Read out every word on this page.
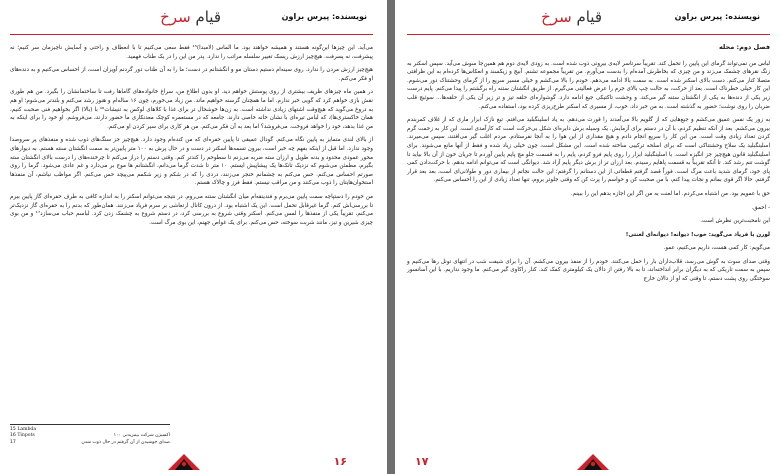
قیام سرخ	نویسنده: پیرس براون

می‌آید. این چیزها این‌گونه هستند و همیشه خواهند بود. ما الماس (لامبدا)¹⁵ فقط سعی می‌کنیم تا با انعطاف و راحتی و آسایش ناچیزمان سر کنیم؛ نه پیشرفت، نه پسرفت. هیچ‌چیز ارزش ریسک تغییر سلسله مراتب را ندارد. پدر من این را در یک طناب فهمید.

هیچ‌چیز ارزش مردن را ندارد. روی سینه‌ام دستیم دستان مو و انگشتانم در دست؛ ما را به آن طناب دور گردنم آویزان است، از احساس می‌کنیم و به دنده‌های او فکر می‌کنم.

در همین ماه چیزهای ظریف بیشتری از روی پوستش خواهم دید. او بدون اطلاع من، سراغ خانواده‌های گاما‌ها رفت تا ساختمانشان را بگیرد. من هم طوری نقش بازی خواهم کرد که گویی خبر ندارم. اما ما همچنان گرسنه خواهیم ماند. من زیاد می‌خورم، چون ۱۶ ساله‌ام و هنوز رشد می‌کنم و بلندتر می‌شوم؛ او هم به دروغ می‌گوید که هیچ‌وقت اشتهای زیادی نداشته است. به زن‌ها خوشحال تر برای غذا با کلاهای لوکس به تنیشات¹⁶ با (بالا) اگر بخواهیم فنی صحبت کنیم، همان خاکستری‌ها)، که لباس تیره‌ای با نشان خانه خاصی دارند. جامعه که در مستعمره کوچک معدنکاری ما حضور دارند، می‌فروشم. او خود را برای اینکه به من غذا بدهد، خود را خواهد فروخت. می‌فروشد؟ اما بعد به آن فکر می‌کنم. من هر کاری برای سیر کردن او می‌کنم.

از بالای لندی متمایز به پایین نگاه می‌کنم. گودال عمیقی تا پایین حفره‌ای که من کنده‌ام وجود دارد. هیچ‌چیز جز سنگ‌های ذوب شده و منفذهای پر سروصدا وجود ندارد. اما قبل از اینکه بفهم چه خبر است، بیرون تسمه‌ها اسکنر در دست و در حال پرش به ۱۰۰ متر پایین‌تر به سمت انگشتان سنته هستم. به دیوارهای محور عمودی محدود و بدنه طویل و ارزان سته ضربه می‌زنم تا سطوحم را کندتر کنم. وقتی دستم را دراز می‌کنم تا چرخنده‌های را درست بالای انگشتان سته بگیرم، مطمئن می‌شوم که نزدیک تانک‌ها یک پیشاپیش ایستم. ۱۰ متر تا شدت گرما می‌دانم، انگشتانم ها موج بر می‌دارد و غم عادی می‌شود. گرما را روی صورتم احساس می‌کنم. حس می‌کنم به چشمانم خنجر می‌زنند، دردی را که در شکم و زیر شکمم می‌پیچد حس می‌کنم. اگر مواظب نباشم، آن منفذها استخوان‌هایتان را ذوب می‌کنند و من مراقب نیستم. فقط فرز و چالاک هستم.

من خودم را دستپاچه سمت پایین می‌برم و فندینقه‌ام میان انگشتان ستنه می‌روم. در نتیجه می‌توانم اسکنر را به اندازه کافی به طرف حفره‌ای گاز پایین ببرم تا بررسی‌اش کنم. گرما غیرقابل تحمل است. این یک اشتباه بود. از درون کانال ارتعاشی بر سرم فریاد می‌زنند. همان‌طور که بدنم را به حفره‌ای گاز نزدیک‌تر می‌کنم، تقریباً یکی از منفذها را لمس می‌کنم. اسکنر وقتی شروع به بررسی کرد، در دستم شروع به چشمک زدن کرد. لباسم حباب می‌سازد¹⁷ و من بوی چیزی شیرین و تیز، مانند شربت سوخته، حس می‌کنم. برای یک غواص جهنم، این بوی مرگ است.

15 Lambda
16 Tinpots	۱۰۰ اکسیژن شرکت بیمزیدنی
17	صدای جوشیدن از آن گرفتم در حال ذوب شدن
۱۶
قیام سرخ	نویسنده: پیرس براون
فصل دوم: محله

لباس من نمی‌تواند گرمای این پایین را تحمل کند. تقریباً سرتاسر لایه‌ی بیرونی ذوب شده است. به زودی لایه‌ی دوم هم همین‌جا سوش می‌آید. سپس اسکنر به زنگ نقرهای چشمک می‌زند و من چیزی که بخاطرش آمده‌ام را بدست می‌آورم. من تقریباً مجموعه تشنم. آبیچ و زیکسند و انعکاس‌ها کرده‌ام به این ظرافتی متصلا کنار می‌کنم. دست بالای اسکنر شده است. به سمت بالا ادامه می‌دهم. خودم را بالا می‌کشم و خیلی مسیر سریع را از گرمای وحشتناک دور می‌شوم. این کار خیلی خطرناک است. بعد از حرکت، به حالت چپ بالای جرم را عرض فعالیتی می‌گیرم. از طریق انگشتان ستنه راه برگشتم را پیدا می‌کنم. پایم درست زیر یکی از دنده‌ها به یکی از انگشتان ستنه گیر می‌کند. و وحشت تاکتیکی جیغ ادامه دارد. گوشواره‌ای حلقه تیز و تر زیر آن یکی از حلقه‌ها... سوئیچ قلب ضربان را روی نوشت؛ حضور به گذشته است. به من خبر داد. خوب، از مسیری که اسکنر طرح‌ریزی کرده بود، استفاده می‌کنم.

به زور یک نفس عمیق می‌کشم و جیغ‌هایی که از گلویم بالا می‌آمدند را قورت می‌دهم. به یاد اسلینگبلید می‌افتم. تیغ نازک ابزار ماری که از غلاف کمربندم بیرون می‌کشم. بعد از آنکه تنظیم کردم، با آن در دستم برای آزمایش. یک وسیله برش دایره‌ای شکل بی‌حرکت است که کارآمدی است. این کار به زحمت گرم کردن تعداد زیادی وقت است. من این کار را سریع انجام دادم و هیچ مقداری از این هوا را به آنجا نفرستادم. مردم اغلب گیر می‌افتند، سپس می‌میرند. اسلینگبلید یک سلاح وحشتناکی است که برای اسلحه ترکیبی ساخته شده است. این مشکل است، چون خیلی زیاد شده و فقط از آنها مانع می‌شوند. برای اسلینگبلید قانون هیچ‌چیز جز انگیزه است. با اسلینگبلید ابزار را روی پایم فرو کردم، پایم را به قسمت جلو مچ پایم پایین آوردم تا جریان خون از آن بالا بیاید تا گوشت تنم رشد کند. تا آنکه تقریباً به قسمت پاهایم رسیدم. بعد ارزان تر از برش دیگر پایم آزاد شد. دیوانگی است که می‌توانم ادامه بدهم. با حرکت‌دادن کمی پای خود، گرمای شدید باعث مرگ است. فوراً قصد گرفتم قطعاتی از این دستانم را گرفتم؛ این حالت نجاتم از بیماری دور و طولانی‌ای است، بعد بعد قرار گرفتم. حالا اگر قوی بمانم و نجات پیدا کنم، با من صحبت کن و حواسم را پرت کن که وقتی جلوتر بروم، تنها تعداد زیادی از این را احساس می‌کنم.

حق با عمویم بود. من اشتباه می‌کردم. اما لعنت به من اگر این اجازه بدهم این را ببینم.

- احمق.

این نامحبت‌ترین نظرش است.

لورن با فریاد می‌گوید: خوب! دیوانه! دیوانه‌ای لعنتی!

می‌گویم: کار کمی هست، داریم می‌کنیم، عمو.

وقتی صدای سوت به گوش می‌رسد، قلاب‌داران بار را حمل می‌کنند. خودم را از منفذ بیرون می‌کشم. آن را برای شیفت شب در انتهای تونل رها می‌کنیم و سپس به سمت تاریکی که به دیگران برابر انداخته‌اند، تا به بالا رفتن از دالان یک کیلومتری کمک کند. کنار راکاوی گیر می‌کنم. ما وجود نداریم. با این آسانسور سوختگی روی پشت دستم، تا وقتی که او از دالان خارج

۱۷
